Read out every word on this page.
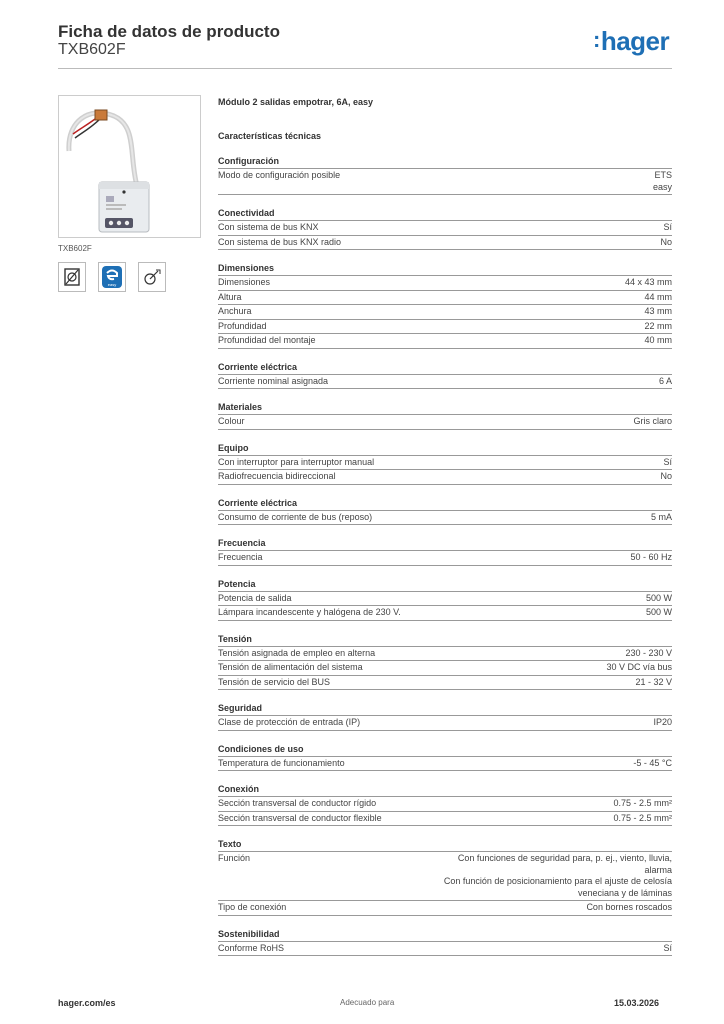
Ficha de datos de producto
TXB602F	:hager
TXB602F
easy
Módulo 2 salidas empotrar, 6A, easy
Características técnicas
Configuración
Modo de configuración posible	ETS
easy
Conectividad
Con sistema de bus KNX	Sí
Con sistema de bus KNX radio	No
Dimensiones
Dimensiones	44 x 43 mm
Altura	44 mm
Anchura	43 mm
Profundidad	22 mm
Profundidad del montaje	40 mm
Corriente eléctrica
Corriente nominal asignada	6 A
Materiales
Colour	Gris claro
Equipo
Con interruptor para interruptor manual	Sí
Radiofrecuencia bidireccional	No
Corriente eléctrica
Consumo de corriente de bus (reposo)	5 mA
Frecuencia
Frecuencia	50 - 60 Hz
Potencia
Potencia de salida	500 W
Lámpara incandescente y halógena de 230 V.	500 W
Tensión
Tensión asignada de empleo en alterna	230 - 230 V
Tensión de alimentación del sistema	30 V DC vía bus
Tensión de servicio del BUS	21 - 32 V
Seguridad
Clase de protección de entrada (IP)	IP20
Condiciones de uso
Temperatura de funcionamiento	-5 - 45 °C
Conexión
Sección transversal de conductor rígido	0.75 - 2.5 mm²
Sección transversal de conductor flexible	0.75 - 2.5 mm²
Texto
Función	Con funciones de seguridad para, p. ej., viento, lluvia,
alarma
Con función de posicionamiento para el ajuste de celosía
veneciana y de láminas
Tipo de conexión	Con bornes roscados
Sostenibilidad
Conforme RoHS	Sí
hager.com/es	Adecuado para	15.03.2026
